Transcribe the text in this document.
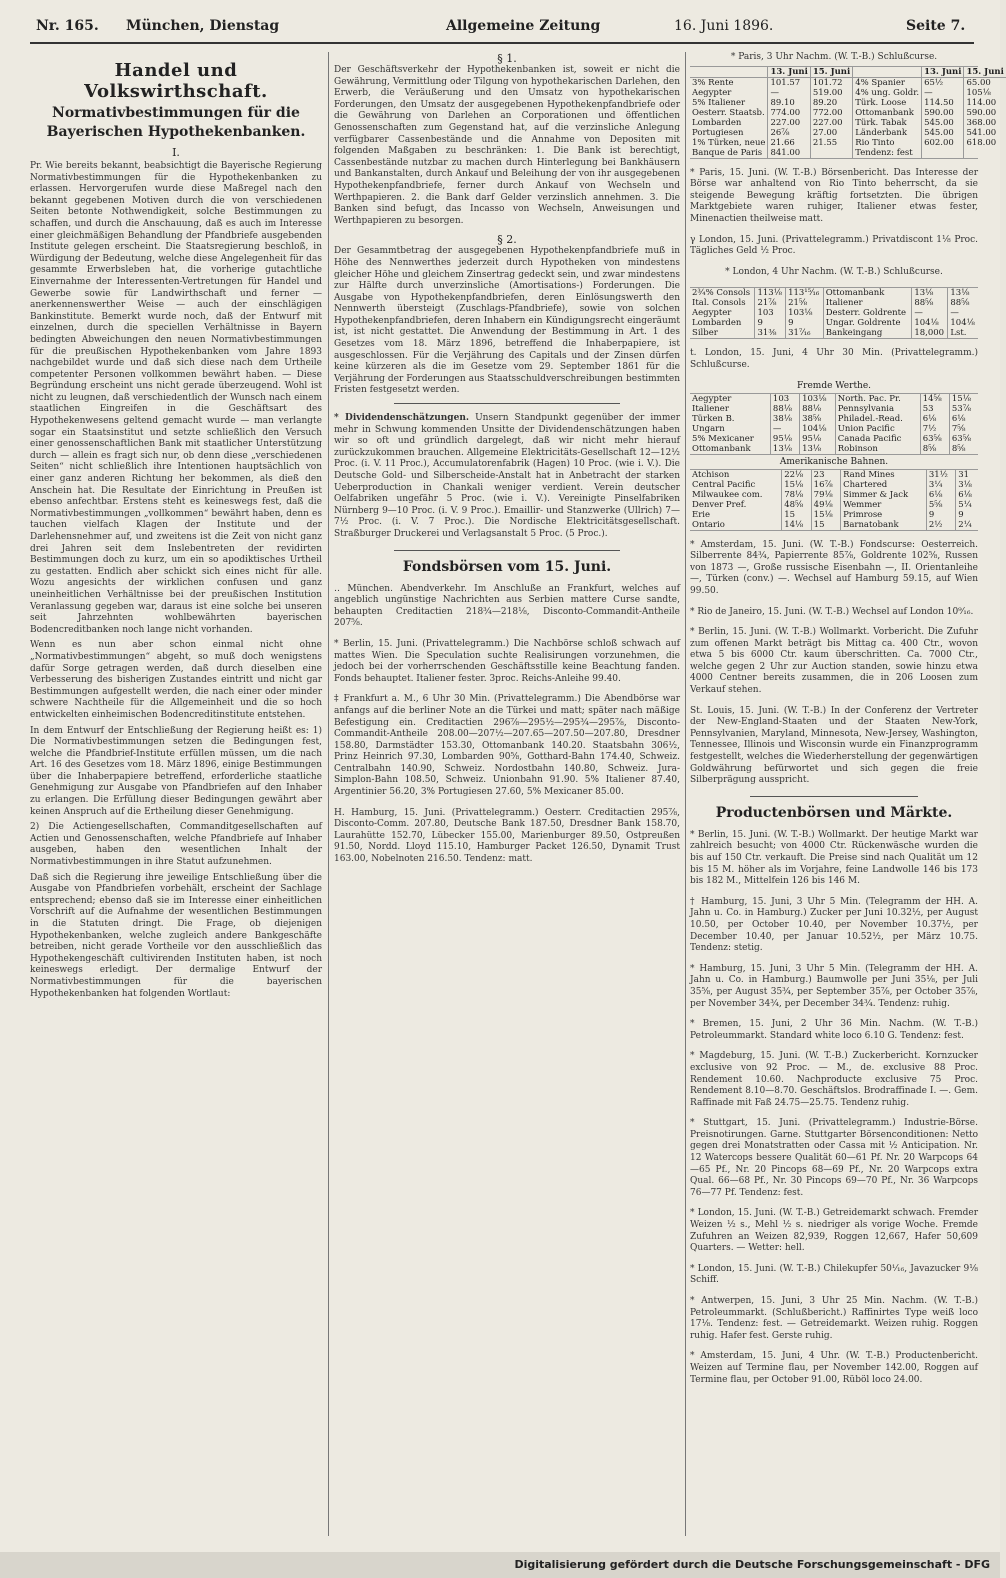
Nr. 165. München, Dienstag	Allgemeine Zeitung	16. Juni 1896.	Seite 7.
Handel und Volkswirthschaft.
Normativbestimmungen für die Bayerischen Hypothekenbanken.
I.

Pr. Wie bereits bekannt, beabsichtigt die Bayerische Regierung Normativbestimmungen für die Hypothekenbanken zu erlassen. Hervorgerufen wurde diese Maßregel nach den bekannt gegebenen Motiven durch die von verschiedenen Seiten betonte Nothwendigkeit, solche Bestimmungen zu schaffen, und durch die Anschauung, daß es auch im Interesse einer gleichmäßigen Behandlung der Pfandbriefe ausgebenden Institute gelegen erscheint. Die Staatsregierung beschloß, in Würdigung der Bedeutung, welche diese Angelegenheit für das gesammte Erwerbsleben hat, die vorherige gutachtliche Einvernahme der Interessenten-Vertretungen für Handel und Gewerbe sowie für Landwirthschaft und ferner — anerkennenswerther Weise — auch der einschlägigen Bankinstitute. Bemerkt wurde noch, daß der Entwurf mit einzelnen, durch die speciellen Verhältnisse in Bayern bedingten Abweichungen den neuen Normativbestimmungen für die preußischen Hypothekenbanken vom Jahre 1893 nachgebildet wurde und daß sich diese nach dem Urtheile competenter Personen vollkommen bewährt haben. — Diese Begründung erscheint uns nicht gerade überzeugend. Wohl ist nicht zu leugnen, daß verschiedentlich der Wunsch nach einem staatlichen Eingreifen in die Geschäftsart des Hypothekenwesens geltend gemacht wurde — man verlangte sogar ein Staatsinstitut und setzte schließlich den Versuch einer genossenschaftlichen Bank mit staatlicher Unterstützung durch — allein es fragt sich nur, ob denn diese „verschiedenen Seiten“ nicht schließlich ihre Intentionen hauptsächlich von einer ganz anderen Richtung her bekommen, als dieß den Anschein hat. Die Resultate der Einrichtung in Preußen ist ebenso anfechtbar. Erstens steht es keineswegs fest, daß die Normativbestimmungen „vollkommen“ bewährt haben, denn es tauchen vielfach Klagen der Institute und der Darlehensnehmer auf, und zweitens ist die Zeit von nicht ganz drei Jahren seit dem Inslebentreten der revidirten Bestimmungen doch zu kurz, um ein so apodiktisches Urtheil zu gestatten. Endlich aber schickt sich eines nicht für alle. Wozu angesichts der wirklichen confusen und ganz uneinheitlichen Verhältnisse bei der preußischen Institution Veranlassung gegeben war, daraus ist eine solche bei unseren seit Jahrzehnten wohlbewährten bayerischen Bodencreditbanken noch lange nicht vorhanden.

Wenn es nun aber schon einmal nicht ohne „Normativbestimmungen“ abgeht, so muß doch wenigstens dafür Sorge getragen werden, daß durch dieselben eine Verbesserung des bisherigen Zustandes eintritt und nicht gar Bestimmungen aufgestellt werden, die nach einer oder minder schwere Nachtheile für die Allgemeinheit und die so hoch entwickelten einheimischen Bodencreditinstitute entstehen.

In dem Entwurf der Entschließung der Regierung heißt es: 1) Die Normativbestimmungen setzen die Bedingungen fest, welche die Pfandbrief-Institute erfüllen müssen, um die nach Art. 16 des Gesetzes vom 18. März 1896, einige Bestimmungen über die Inhaberpapiere betreffend, erforderliche staatliche Genehmigung zur Ausgabe von Pfandbriefen auf den Inhaber zu erlangen. Die Erfüllung dieser Bedingungen gewährt aber keinen Anspruch auf die Ertheilung dieser Genehmigung.

2) Die Actiengesellschaften, Commanditgesellschaften auf Actien und Genossenschaften, welche Pfandbriefe auf Inhaber ausgeben, haben den wesentlichen Inhalt der Normativbestimmungen in ihre Statut aufzunehmen.

Daß sich die Regierung ihre jeweilige Entschließung über die Ausgabe von Pfandbriefen vorbehält, erscheint der Sachlage entsprechend; ebenso daß sie im Interesse einer einheitlichen Vorschrift auf die Aufnahme der wesentlichen Bestimmungen in die Statuten dringt. Die Frage, ob diejenigen Hypothekenbanken, welche zugleich andere Bankgeschäfte betreiben, nicht gerade Vortheile vor den ausschließlich das Hypothekengeschäft cultivirenden Instituten haben, ist noch keineswegs erledigt. Der dermalige Entwurf der Normativbestimmungen für die bayerischen Hypothekenbanken hat folgenden Wortlaut:

§ 1.

Der Geschäftsverkehr der Hypothekenbanken ist, soweit er nicht die Gewährung, Vermittlung oder Tilgung von hypothekarischen Darlehen, den Erwerb, die Veräußerung und den Umsatz von hypothekarischen Forderungen, den Umsatz der ausgegebenen Hypothekenpfandbriefe oder die Gewährung von Darlehen an Corporationen und öffentlichen Genossenschaften zum Gegenstand hat, auf die verzinsliche Anlegung verfügbarer Cassenbestände und die Annahme von Depositen mit folgenden Maßgaben zu beschränken: 1. Die Bank ist berechtigt, Cassenbestände nutzbar zu machen durch Hinterlegung bei Bankhäusern und Bankanstalten, durch Ankauf und Beleihung der von ihr ausgegebenen Hypothekenpfandbriefe, ferner durch Ankauf von Wechseln und Werthpapieren. 2. die Bank darf Gelder verzinslich annehmen. 3. Die Banken sind befugt, das Incasso von Wechseln, Anweisungen und Werthpapieren zu besorgen.

§ 2.

Der Gesammtbetrag der ausgegebenen Hypothekenpfandbriefe muß in Höhe des Nennwerthes jederzeit durch Hypotheken von mindestens gleicher Höhe und gleichem Zinsertrag gedeckt sein, und zwar mindestens zur Hälfte durch unverzinsliche (Amortisations-) Forderungen. Die Ausgabe von Hypothekenpfandbriefen, deren Einlösungswerth den Nennwerth übersteigt (Zuschlags-Pfandbriefe), sowie von solchen Hypothekenpfandbriefen, deren Inhabern ein Kündigungsrecht eingeräumt ist, ist nicht gestattet. Die Anwendung der Bestimmung in Art. 1 des Gesetzes vom 18. März 1896, betreffend die Inhaberpapiere, ist ausgeschlossen. Für die Verjährung des Capitals und der Zinsen dürfen keine kürzeren als die im Gesetze vom 29. September 1861 für die Verjährung der Forderungen aus Staatsschuldverschreibungen bestimmten Fristen festgesetzt werden.

* Dividendenschätzungen. Unsern Standpunkt gegenüber der immer mehr in Schwung kommenden Unsitte der Dividendenschätzungen haben wir so oft und gründlich dargelegt, daß wir nicht mehr hierauf zurückzukommen brauchen. Allgemeine Elektricitäts-Gesellschaft 12—12½ Proc. (i. V. 11 Proc.), Accumulatorenfabrik (Hagen) 10 Proc. (wie i. V.). Die Deutsche Gold- und Silberscheide-Anstalt hat in Anbetracht der starken Ueberproduction in Chankali weniger verdient. Verein deutscher Oelfabriken ungefähr 5 Proc. (wie i. V.). Vereinigte Pinselfabriken Nürnberg 9—10 Proc. (i. V. 9 Proc.). Emaillir- und Stanzwerke (Ullrich) 7—7½ Proc. (i. V. 7 Proc.). Die Nordische Elektricitätsgesellschaft. Straßburger Druckerei und Verlagsanstalt 5 Proc. (5 Proc.).

Fondsbörsen vom 15. Juni.

‥ München. Abendverkehr. Im Anschluße an Frankfurt, welches auf angeblich ungünstige Nachrichten aus Serbien mattere Curse sandte, behaupten Creditactien 218¾—218⅛, Disconto-Commandit-Antheile 207⅝.

* Berlin, 15. Juni. (Privattelegramm.) Die Nachbörse schloß schwach auf mattes Wien. Die Speculation suchte Realisirungen vorzunehmen, die jedoch bei der vorherrschenden Geschäftsstille keine Beachtung fanden. Fonds behauptet. Italiener fester. 3proc. Reichs-Anleihe 99.40.

‡ Frankfurt a. M., 6 Uhr 30 Min. (Privattelegramm.) Die Abendbörse war anfangs auf die berliner Note an die Türkei und matt; später nach mäßige Befestigung ein. Creditactien 296⅞—295½—295¾—295⅞, Disconto-Commandit-Antheile 208.00—207½—207.65—207.50—207.80, Dresdner 158.80, Darmstädter 153.30, Ottomanbank 140.20. Staatsbahn 306½, Prinz Heinrich 97.30, Lombarden 90⅝, Gotthard-Bahn 174.40, Schweiz. Centralbahn 140.90, Schweiz. Nordostbahn 140.80, Schweiz. Jura-Simplon-Bahn 108.50, Schweiz. Unionbahn 91.90. 5% Italiener 87.40, Argentinier 56.20, 3% Portugiesen 27.60, 5% Mexicaner 85.00.

H. Hamburg, 15. Juni. (Privattelegramm.) Oesterr. Creditactien 295⅞, Disconto-Comm. 207.80, Deutsche Bank 187.50, Dresdner Bank 158.70, Laurahütte 152.70, Lübecker 155.00, Marienburger 89.50, Ostpreußen 91.50, Nordd. Lloyd 115.10, Hamburger Packet 126.50, Dynamit Trust 163.00, Nobelnoten 216.50. Tendenz: matt.

* Paris, 3 Uhr Nachm. (W. T.-B.) Schlußcurse.

	13. Juni	15. Juni		13. Juni	15. Juni
3% Rente	101.57	101.72	4% Spanier	65½	65.00
Aegypter	—	519.00	4% ung. Goldr.	—	105⅛
5% Italiener	89.10	89.20	Türk. Loose	114.50	114.00
Oesterr. Staatsb.	774.00	772.00	Ottomanbank	590.00	590.00
Lombarden	227.00	227.00	Türk. Tabak	545.00	368.00
Portugiesen	26⅞	27.00	Länderbank	545.00	541.00
1% Türken, neue	21.66	21.55	Rio Tinto	602.00	618.00
Banque de Paris	841.00		Tendenz: fest		

* Paris, 15. Juni. (W. T.-B.) Börsenbericht. Das Interesse der Börse war anhaltend von Rio Tinto beherrscht, da sie steigende Bewegung kräftig fortsetzten. Die übrigen Marktgebiete waren ruhiger, Italiener etwas fester, Minenactien theilweise matt.

γ London, 15. Juni. (Privattelegramm.) Privatdiscont 1⅛ Proc. Tägliches Geld ½ Proc.

* London, 4 Uhr Nachm. (W. T.-B.) Schlußcurse.

2¾% Consols	113⅛	113¹⁵⁄₁₆	Ottomanbank	13⅛	13⅛
Ital. Consols	21⅞	21⅝	Italiener	88⅝	88⅝
Aegypter	103	103⅛	Desterr. Goldrente	—	—
Lombarden	9	9	Ungar. Goldrente	104⅛	104⅛
Silber	31⅜	31⁷⁄₁₆	Bankeingang	18,000	Lst.

t. London, 15. Juni, 4 Uhr 30 Min. (Privattelegramm.) Schlußcurse.

Fremde Werthe.
Aegypter	103	103⅛	North. Pac. Pr.	14⅝	15⅛
Italiener	88⅛	88⅛	Pennsylvania	53	53⅞
Türken B.	38⅛	38⅝	Philadel.-Read.	6⅛	6⅛
Ungarn	—	104⅛	Union Pacific	7½	7⅝
5% Mexicaner	95⅛	95⅛	Canada Pacific	63⅝	63⅝
Ottomanbank	13⅛	13⅛	Robinson	8⅝	8⅝
Amerikanische Bahnen.
Atchison	22⅛	23	Rand Mines	31½	31
Central Pacific	15⅛	16⅞	Chartered	3¼	3⅛
Milwaukee com.	78⅛	79⅛	Simmer & Jack	6⅛	6⅛
Denver Pref.	48⅝	49⅛	Wemmer	5⅝	5¼
Erie	15	15⅛	Primrose	9	9
Ontario	14⅛	15	Barnatobank	2½	2¼

* Amsterdam, 15. Juni. (W. T.-B.) Fondscurse: Oesterreich. Silberrente 84¾, Papierrente 85⅞, Goldrente 102⅝, Russen von 1873 —, Große russische Eisenbahn —, II. Orientanleihe —, Türken (conv.) —. Wechsel auf Hamburg 59.15, auf Wien 99.50.

* Rio de Janeiro, 15. Juni. (W. T.-B.) Wechsel auf London 10⁹⁄₁₆.

* Berlin, 15. Juni. (W. T.-B.) Wollmarkt. Vorbericht. Die Zufuhr zum offenen Markt beträgt bis Mittag ca. 400 Ctr., wovon etwa 5 bis 6000 Ctr. kaum überschritten. Ca. 7000 Ctr., welche gegen 2 Uhr zur Auction standen, sowie hinzu etwa 4000 Centner bereits zusammen, die in 206 Loosen zum Verkauf stehen.

St. Louis, 15. Juni. (W. T.-B.) In der Conferenz der Vertreter der New-England-Staaten und der Staaten New-York, Pennsylvanien, Maryland, Minnesota, New-Jersey, Washington, Tennessee, Illinois und Wisconsin wurde ein Finanzprogramm festgestellt, welches die Wiederherstellung der gegenwärtigen Goldwährung befürwortet und sich gegen die freie Silberprägung ausspricht.

Productenbörsen und Märkte.

* Berlin, 15. Juni. (W. T.-B.) Wollmarkt. Der heutige Markt war zahlreich besucht; von 4000 Ctr. Rückenwäsche wurden die bis auf 150 Ctr. verkauft. Die Preise sind nach Qualität um 12 bis 15 M. höher als im Vorjahre, feine Landwolle 146 bis 173 bis 182 M., Mittelfein 126 bis 146 M.

† Hamburg, 15. Juni, 3 Uhr 5 Min. (Telegramm der HH. A. Jahn u. Co. in Hamburg.) Zucker per Juni 10.32½, per August 10.50, per October 10.40, per November 10.37½, per December 10.40, per Januar 10.52½, per März 10.75. Tendenz: stetig.

* Hamburg, 15. Juni, 3 Uhr 5 Min. (Telegramm der HH. A. Jahn u. Co. in Hamburg.) Baumwolle per Juni 35⅛, per Juli 35⅝, per August 35¾, per September 35⅞, per October 35⅞, per November 34¾, per December 34¾. Tendenz: ruhig.

* Bremen, 15. Juni, 2 Uhr 36 Min. Nachm. (W. T.-B.) Petroleummarkt. Standard white loco 6.10 G. Tendenz: fest.

* Magdeburg, 15. Juni. (W. T.-B.) Zuckerbericht. Kornzucker exclusive von 92 Proc. — M., de. exclusive 88 Proc. Rendement 10.60. Nachproducte exclusive 75 Proc. Rendement 8.10—8.70. Geschäftslos. Brodraffinade I. —. Gem. Raffinade mit Faß 24.75—25.75. Tendenz ruhig.

* Stuttgart, 15. Juni. (Privattelegramm.) Industrie-Börse. Preisnotirungen. Garne. Stuttgarter Börsenconditionen: Netto gegen drei Monatstratten oder Cassa mit ½ Anticipation. Nr. 12 Watercops bessere Qualität 60—61 Pf. Nr. 20 Warpcops 64—65 Pf., Nr. 20 Pincops 68—69 Pf., Nr. 20 Warpcops extra Qual. 66—68 Pf., Nr. 30 Pincops 69—70 Pf., Nr. 36 Warpcops 76—77 Pf. Tendenz: fest.

* London, 15. Juni. (W. T.-B.) Getreidemarkt schwach. Fremder Weizen ½ s., Mehl ½ s. niedriger als vorige Woche. Fremde Zufuhren an Weizen 82,939, Roggen 12,667, Hafer 50,609 Quarters. — Wetter: hell.

* London, 15. Juni. (W. T.-B.) Chilekupfer 50¹⁄₁₆, Javazucker 9⅛ Schiff.

* Antwerpen, 15. Juni, 3 Uhr 25 Min. Nachm. (W. T.-B.) Petroleummarkt. (Schlußbericht.) Raffinirtes Type weiß loco 17⅛. Tendenz: fest. — Getreidemarkt. Weizen ruhig. Roggen ruhig. Hafer fest. Gerste ruhig.

* Amsterdam, 15. Juni, 4 Uhr. (W. T.-B.) Productenbericht. Weizen auf Termine flau, per November 142.00, Roggen auf Termine flau, per October 91.00, Rüböl loco 24.00.

Digitalisierung gefördert durch die Deutsche Forschungsgemeinschaft - DFG
